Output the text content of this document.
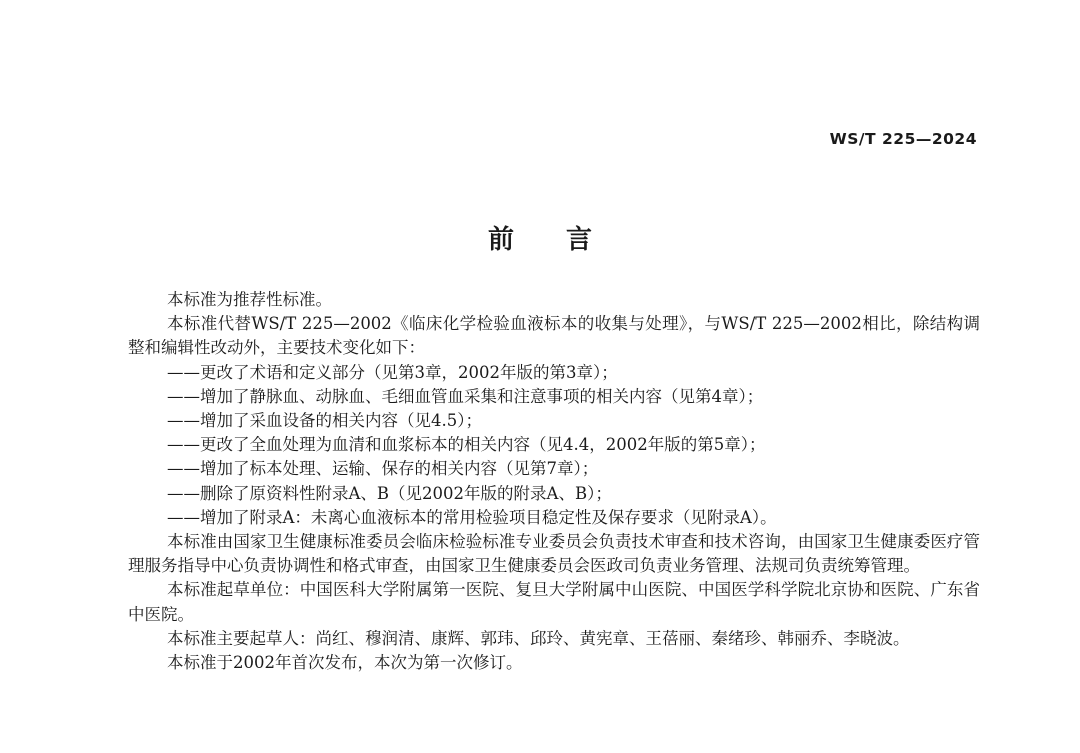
WS/T 225—2024
前言

本标准为推荐性标准。

本标准代替WS/T 225—2002《临床化学检验血液标本的收集与处理》，与WS/T 225—2002相比，除结构调整和编辑性改动外，主要技术变化如下：

——更改了术语和定义部分（见第3章，2002年版的第3章）；

——增加了静脉血、动脉血、毛细血管血采集和注意事项的相关内容（见第4章）；

——增加了采血设备的相关内容（见4.5）；

——更改了全血处理为血清和血浆标本的相关内容（见4.4，2002年版的第5章）；

——增加了标本处理、运输、保存的相关内容（见第7章）；

——删除了原资料性附录A、B（见2002年版的附录A、B）；

——增加了附录A：未离心血液标本的常用检验项目稳定性及保存要求（见附录A）。

本标准由国家卫生健康标准委员会临床检验标准专业委员会负责技术审查和技术咨询，由国家卫生健康委医疗管理服务指导中心负责协调性和格式审查，由国家卫生健康委员会医政司负责业务管理、法规司负责统筹管理。

本标准起草单位：中国医科大学附属第一医院、复旦大学附属中山医院、中国医学科学院北京协和医院、广东省中医院。

本标准主要起草人：尚红、穆润清、康辉、郭玮、邱玲、黄宪章、王蓓丽、秦绪珍、韩丽乔、李晓波。

本标准于2002年首次发布，本次为第一次修订。
